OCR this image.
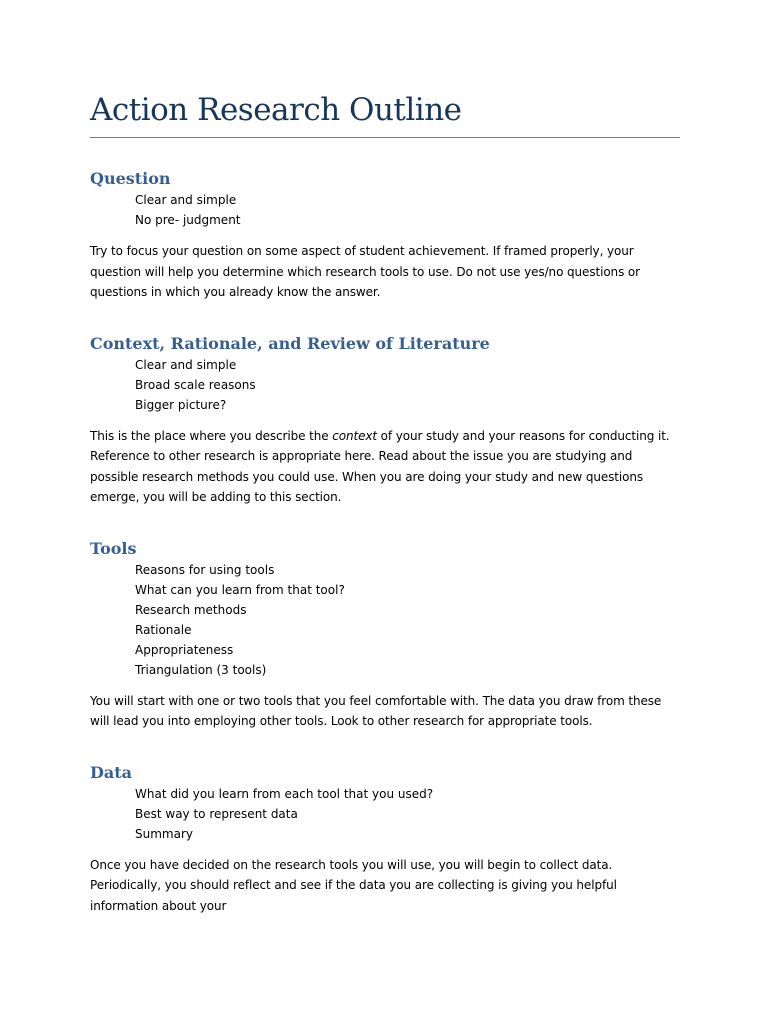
Action Research Outline
Question
Clear and simple
No pre- judgment

Try to focus your question on some aspect of student achievement. If framed properly, your question will help you determine which research tools to use. Do not use yes/no questions or questions in which you already know the answer.

Context, Rationale, and Review of Literature
Clear and simple
Broad scale reasons
Bigger picture?

This is the place where you describe the context of your study and your reasons for conducting it. Reference to other research is appropriate here. Read about the issue you are studying and possible research methods you could use. When you are doing your study and new questions emerge, you will be adding to this section.

Tools
Reasons for using tools
What can you learn from that tool?
Research methods
Rationale
Appropriateness
Triangulation (3 tools)

You will start with one or two tools that you feel comfortable with. The data you draw from these will lead you into employing other tools. Look to other research for appropriate tools.

Data
What did you learn from each tool that you used?
Best way to represent data
Summary

Once you have decided on the research tools you will use, you will begin to collect data. Periodically, you should reflect and see if the data you are collecting is giving you helpful information about your
